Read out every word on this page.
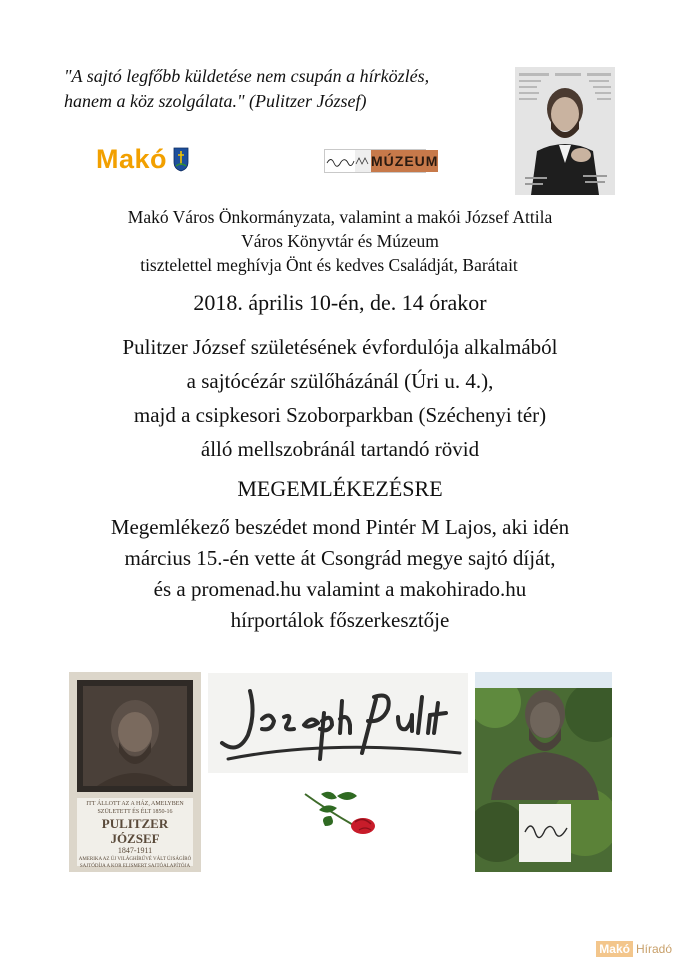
"A sajtó legfőbb küldetése nem csupán a hírközlés,
hanem a köz szolgálata." (Pulitzer József)
Makó	MÚZEUM
Makó Város Önkormányzata, valamint a makói József Attila
Város Könyvtár és Múzeum
tisztelettel meghívja Önt és kedves Családját, Barátait
2018. április 10-én, de. 14 órakor
Pulitzer József születésének évfordulója alkalmából
a sajtócézár szülőházánál (Úri u. 4.),
majd a csipkesori Szoborparkban (Széchenyi tér)
álló mellszobránál tartandó rövid
MEGEMLÉKEZÉSRE
Megemlékező beszédet mond Pintér M Lajos, aki idén
március 15.-én vette át Csongrád megye sajtó díját,
és a promenad.hu valamint a makohirado.hu
hírportálok főszerkesztője
ITT ÁLLOTT AZ A HÁZ, AMELYBEN
SZÜLETETT ÉS ÉLT 1850-16
PULITZER JÓZSEF
1847-1911
AMERIKA AZ ÚJ VILÁGHÍRŰVÉ VÁLT ÚJSÁGÍRÓ
SAJTÓDÍJA A KOR ELISMERT SAJTÓALAPÍTÓJA
Makó Híradó
